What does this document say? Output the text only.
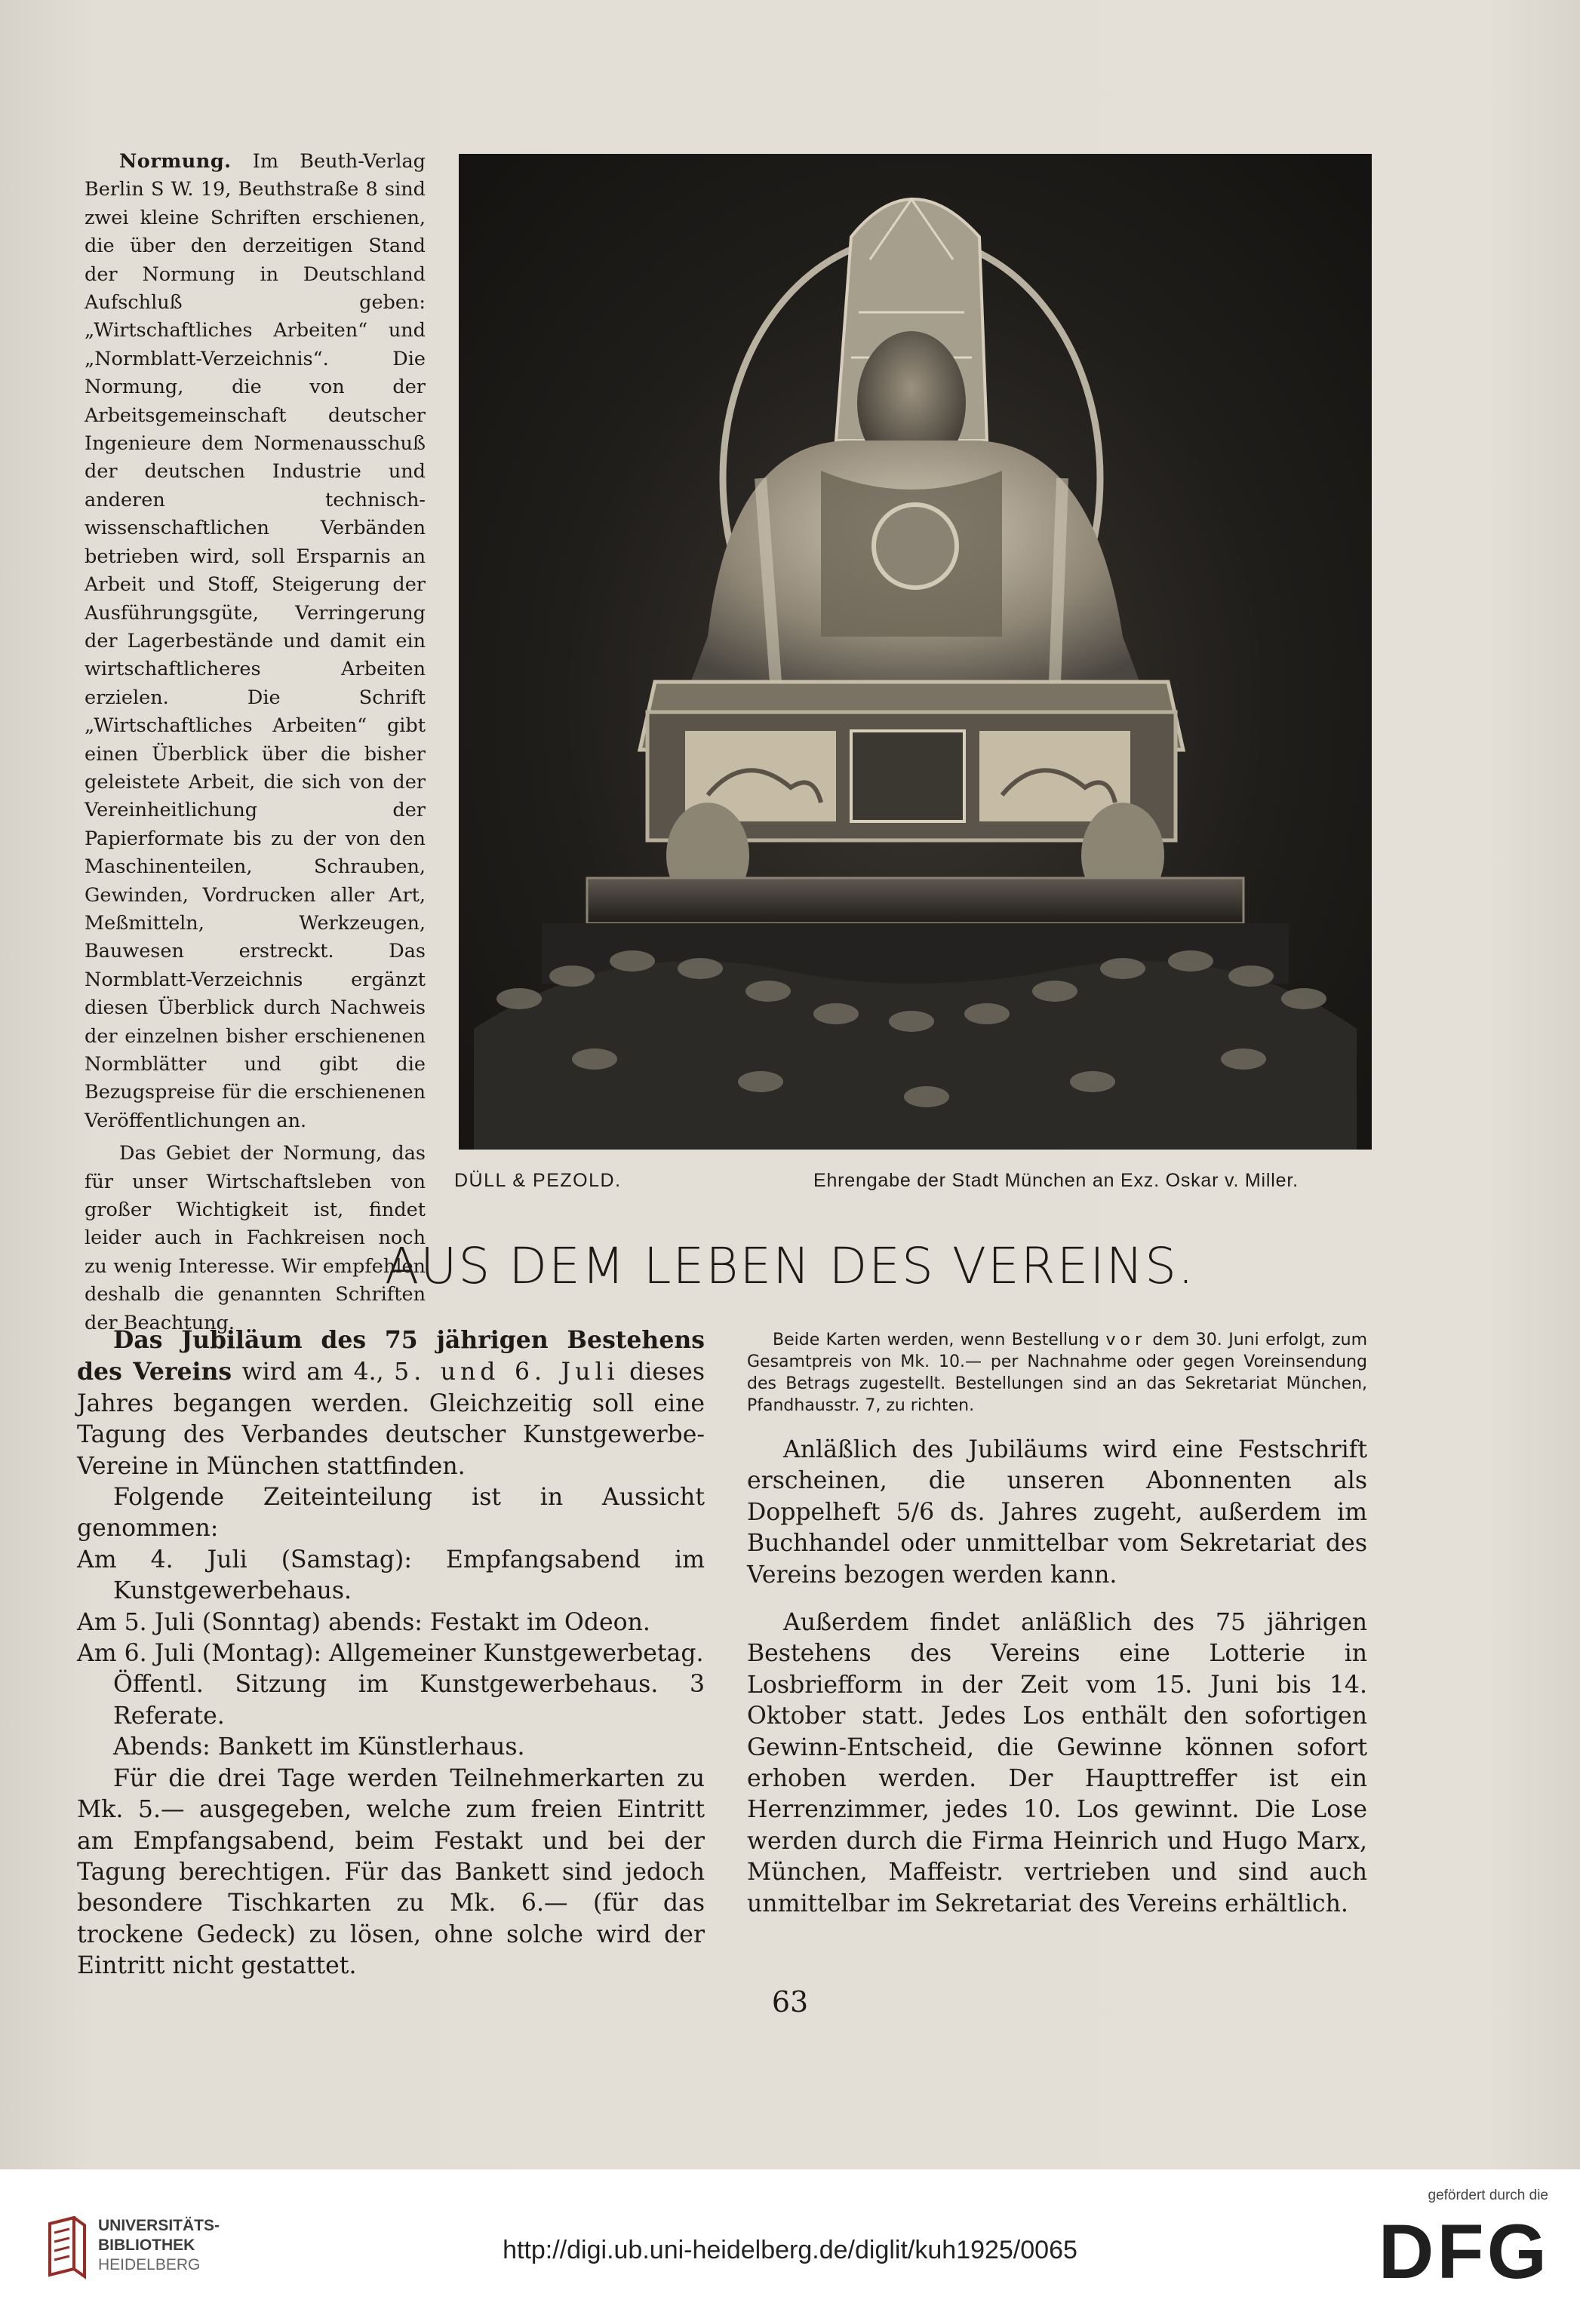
Normung. Im Beuth-Verlag Berlin S W. 19, Beuthstraße 8 sind zwei kleine Schriften erschienen, die über den derzeitigen Stand der Normung in Deutschland Aufschluß geben: „Wirtschaftliches Arbeiten“ und „Normblatt-Verzeichnis“. Die Normung, die von der Arbeitsgemeinschaft deutscher Ingenieure dem Normenausschuß der deutschen Industrie und anderen technisch-wissenschaftlichen Verbänden betrieben wird, soll Ersparnis an Arbeit und Stoff, Steigerung der Ausführungsgüte, Verringerung der Lagerbestände und damit ein wirtschaftlicheres Arbeiten erzielen. Die Schrift „Wirtschaftliches Arbeiten“ gibt einen Überblick über die bisher geleistete Arbeit, die sich von der Vereinheitlichung der Papierformate bis zu der von den Maschinenteilen, Schrauben, Gewinden, Vordrucken aller Art, Meßmitteln, Werkzeugen, Bauwesen erstreckt. Das Normblatt-Verzeichnis ergänzt diesen Überblick durch Nachweis der einzelnen bisher erschienenen Normblätter und gibt die Bezugspreise für die erschienenen Veröffentlichungen an.

Das Gebiet der Normung, das für unser Wirtschaftsleben von großer Wichtigkeit ist, findet leider auch in Fachkreisen noch zu wenig Interesse. Wir empfehlen deshalb die genannten Schriften der Beachtung.

DÜLL & PEZOLD.	Ehrengabe der Stadt München an Exz. Oskar v. Miller.
AUS DEM LEBEN DES VEREINS.

Das Jubiläum des 75 jährigen Bestehens des Vereins wird am 4., 5. und 6. Juli dieses Jahres begangen werden. Gleichzeitig soll eine Tagung des Verbandes deutscher Kunstgewerbe-Vereine in München stattfinden.

Folgende Zeiteinteilung ist in Aussicht genommen:

Am 4. Juli (Samstag): Empfangsabend im Kunstgewerbehaus.

Am 5. Juli (Sonntag) abends: Festakt im Odeon.

Am 6. Juli (Montag): Allgemeiner Kunstgewerbetag.

Öffentl. Sitzung im Kunstgewerbehaus. 3 Referate.

Abends: Bankett im Künstlerhaus.

Für die drei Tage werden Teilnehmerkarten zu Mk. 5.— ausgegeben, welche zum freien Eintritt am Empfangsabend, beim Festakt und bei der Tagung berechtigen. Für das Bankett sind jedoch besondere Tischkarten zu Mk. 6.— (für das trockene Gedeck) zu lösen, ohne solche wird der Eintritt nicht gestattet.

Beide Karten werden, wenn Bestellung vor dem 30. Juni erfolgt, zum Gesamtpreis von Mk. 10.— per Nachnahme oder gegen Voreinsendung des Betrags zugestellt. Bestellungen sind an das Sekretariat München, Pfandhausstr. 7, zu richten.

Anläßlich des Jubiläums wird eine Festschrift erscheinen, die unseren Abonnenten als Doppelheft 5/6 ds. Jahres zugeht, außerdem im Buchhandel oder unmittelbar vom Sekretariat des Vereins bezogen werden kann.

Außerdem findet anläßlich des 75 jährigen Bestehens des Vereins eine Lotterie in Losbriefform in der Zeit vom 15. Juni bis 14. Oktober statt. Jedes Los enthält den sofortigen Gewinn-Entscheid, die Gewinne können sofort erhoben werden. Der Haupttreffer ist ein Herrenzimmer, jedes 10. Los gewinnt. Die Lose werden durch die Firma Heinrich und Hugo Marx, München, Maffeistr. vertrieben und sind auch unmittelbar im Sekretariat des Vereins erhältlich.

63
UNIVERSITÄTS-
BIBLIOTHEK
HEIDELBERG
http://digi.ub.uni-heidelberg.de/diglit/kuh1925/0065
gefördert durch die
DFG
